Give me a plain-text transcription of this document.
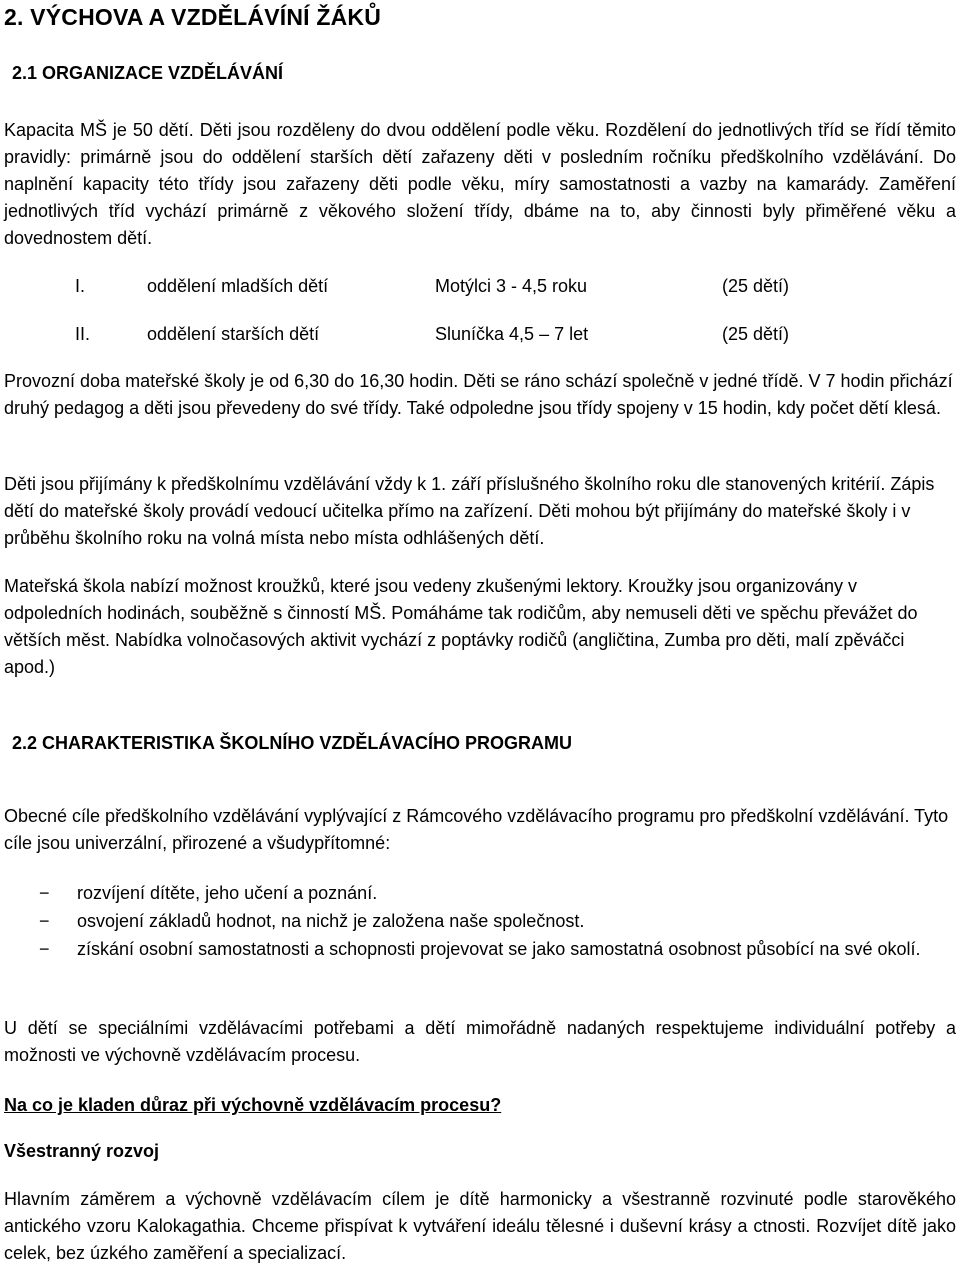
2. VÝCHOVA A VZDĚLÁVÍNÍ ŽÁKŮ
2.1 ORGANIZACE VZDĚLÁVÁNÍ

Kapacita MŠ je 50 dětí. Děti jsou rozděleny do dvou oddělení podle věku. Rozdělení do jednotlivých tříd se řídí těmito pravidly: primárně jsou do oddělení starších dětí zařazeny děti v posledním ročníku předškolního vzdělávání. Do naplnění kapacity této třídy jsou zařazeny děti podle věku, míry samostatnosti a vazby na kamarády. Zaměření jednotlivých tříd vychází primárně z věkového složení třídy, dbáme na to, aby činnosti byly přiměřené věku a dovednostem dětí.

I.	oddělení mladších dětí	Motýlci 3 - 4,5 roku	(25 dětí)
II.	oddělení starších dětí	Sluníčka 4,5 – 7 let	(25 dětí)

Provozní doba mateřské školy je od 6,30 do 16,30 hodin. Děti se ráno schází společně v jedné třídě. V 7 hodin přichází druhý pedagog a děti jsou převedeny do své třídy. Také odpoledne jsou třídy spojeny v 15 hodin, kdy počet dětí klesá.

Děti jsou přijímány k předškolnímu vzdělávání vždy k 1. září příslušného školního roku dle stanovených kritérií. Zápis dětí do mateřské školy provádí vedoucí učitelka přímo na zařízení. Děti mohou být přijímány do mateřské školy i v průběhu školního roku na volná místa nebo místa odhlášených dětí.

Mateřská škola nabízí možnost kroužků, které jsou vedeny zkušenými lektory. Kroužky jsou organizovány v odpoledních hodinách, souběžně s činností MŠ. Pomáháme tak rodičům, aby nemuseli děti ve spěchu převážet do větších měst. Nabídka volnočasových aktivit vychází z poptávky rodičů (angličtina, Zumba pro děti, malí zpěváčci apod.)

2.2 CHARAKTERISTIKA ŠKOLNÍHO VZDĚLÁVACÍHO PROGRAMU

Obecné cíle předškolního vzdělávání vyplývající z Rámcového vzdělávacího programu pro předškolní vzdělávání. Tyto cíle jsou univerzální, přirozené a všudypřítomné:

− rozvíjení dítěte, jeho učení a poznání.
− osvojení základů hodnot, na nichž je založena naše společnost.
− získání osobní samostatnosti a schopnosti projevovat se jako samostatná osobnost působící na své okolí.

U dětí se speciálními vzdělávacími potřebami a dětí mimořádně nadaných respektujeme individuální potřeby a možnosti ve výchovně vzdělávacím procesu.

Na co je kladen důraz při výchovně vzdělávacím procesu?

Všestranný rozvoj

Hlavním záměrem a výchovně vzdělávacím cílem je dítě harmonicky a všestranně rozvinuté podle starověkého antického vzoru Kalokagathia. Chceme přispívat k vytváření ideálu tělesné i duševní krásy a ctnosti. Rozvíjet dítě jako celek, bez úzkého zaměření a specializací.
